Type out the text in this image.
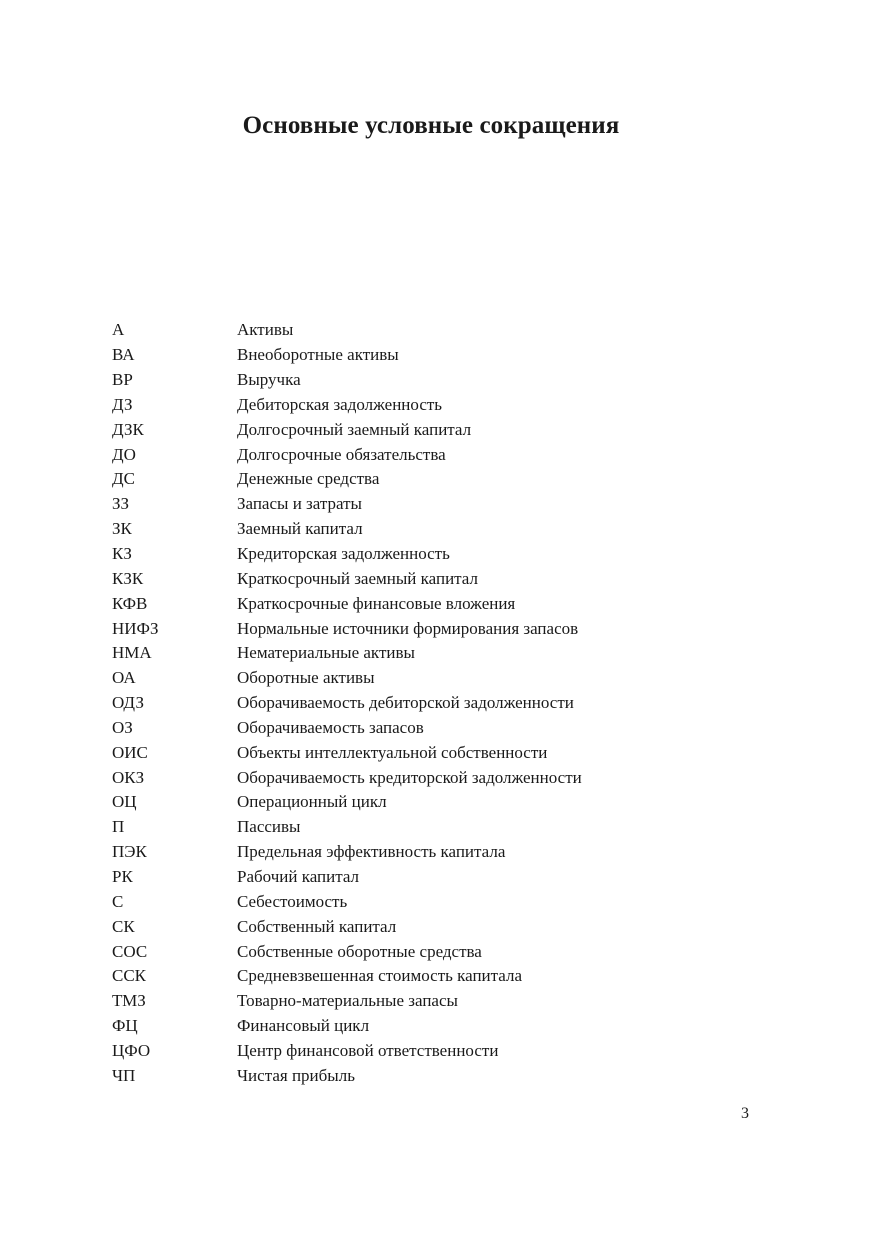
Основные условные сокращения
А	Активы
ВА	Внеоборотные активы
ВР	Выручка
ДЗ	Дебиторская задолженность
ДЗК	Долгосрочный заемный капитал
ДО	Долгосрочные обязательства
ДС	Денежные средства
ЗЗ	Запасы и затраты
ЗК	Заемный капитал
КЗ	Кредиторская задолженность
КЗК	Краткосрочный заемный капитал
КФВ	Краткосрочные финансовые вложения
НИФЗ	Нормальные источники формирования запасов
НМА	Нематериальные активы
ОА	Оборотные активы
ОДЗ	Оборачиваемость дебиторской задолженности
ОЗ	Оборачиваемость запасов
ОИС	Объекты интеллектуальной собственности
ОКЗ	Оборачиваемость кредиторской задолженности
ОЦ	Операционный цикл
П	Пассивы
ПЭК	Предельная эффективность капитала
РК	Рабочий капитал
С	Себестоимость
СК	Собственный капитал
СОС	Собственные оборотные средства
ССК	Средневзвешенная стоимость капитала
ТМЗ	Товарно-материальные запасы
ФЦ	Финансовый цикл
ЦФО	Центр финансовой ответственности
ЧП	Чистая прибыль
3
